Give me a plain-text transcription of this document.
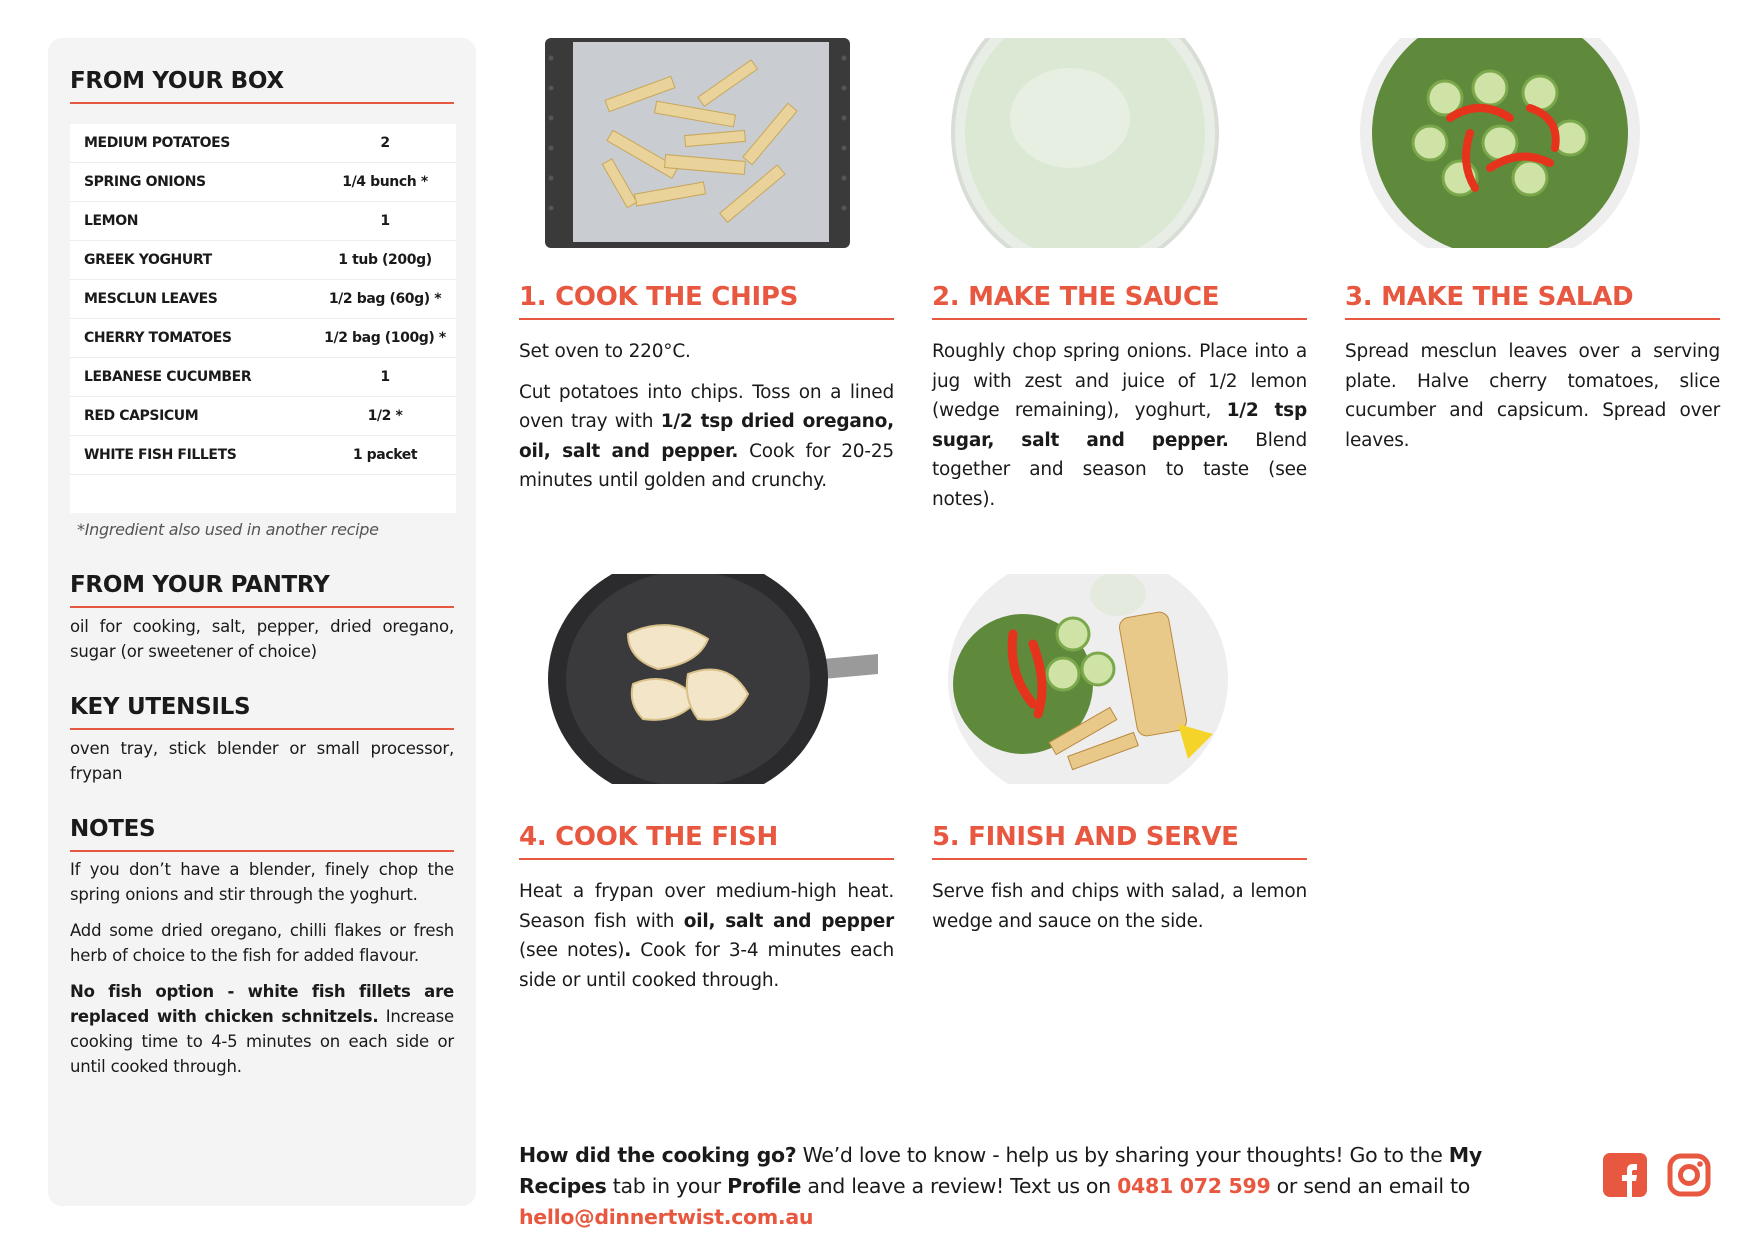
FROM YOUR BOX
MEDIUM POTATOES	2
SPRING ONIONS	1/4 bunch *
LEMON	1
GREEK YOGHURT	1 tub (200g)
MESCLUN LEAVES	1/2 bag (60g) *
CHERRY TOMATOES	1/2 bag (100g) *
LEBANESE CUCUMBER	1
RED CAPSICUM	1/2 *
WHITE FISH FILLETS	1 packet

*Ingredient also used in another recipe
FROM YOUR PANTRY
oil for cooking, salt, pepper, dried oregano, sugar (or sweetener of choice)
KEY UTENSILS
oven tray, stick blender or small processor, frypan
NOTES

If you don’t have a blender, finely chop the spring onions and stir through the yoghurt.

Add some dried oregano, chilli flakes or fresh herb of choice to the fish for added flavour.

No fish option - white fish fillets are replaced with chicken schnitzels. Increase cooking time to 4-5 minutes on each side or until cooked through.

1. COOK THE CHIPS

Set oven to 220°C.

Cut potatoes into chips. Toss on a lined oven tray with 1/2 tsp dried oregano, oil, salt and pepper. Cook for 20-25 minutes until golden and crunchy.

2. MAKE THE SAUCE

Roughly chop spring onions. Place into a jug with zest and juice of 1/2 lemon (wedge remaining), yoghurt, 1/2 tsp sugar, salt and pepper. Blend together and season to taste (see notes).

3. MAKE THE SALAD

Spread mesclun leaves over a serving plate. Halve cherry tomatoes, slice cucumber and capsicum. Spread over leaves.

4. COOK THE FISH

Heat a frypan over medium-high heat. Season fish with oil, salt and pepper (see notes). Cook for 3-4 minutes each side or until cooked through.

5. FINISH AND SERVE

Serve fish and chips with salad, a lemon wedge and sauce on the side.

How did the cooking go? We’d love to know - help us by sharing your thoughts! Go to the My Recipes tab in your Profile and leave a review! Text us on 0481 072 599 or send an email to hello@dinnertwist.com.au
